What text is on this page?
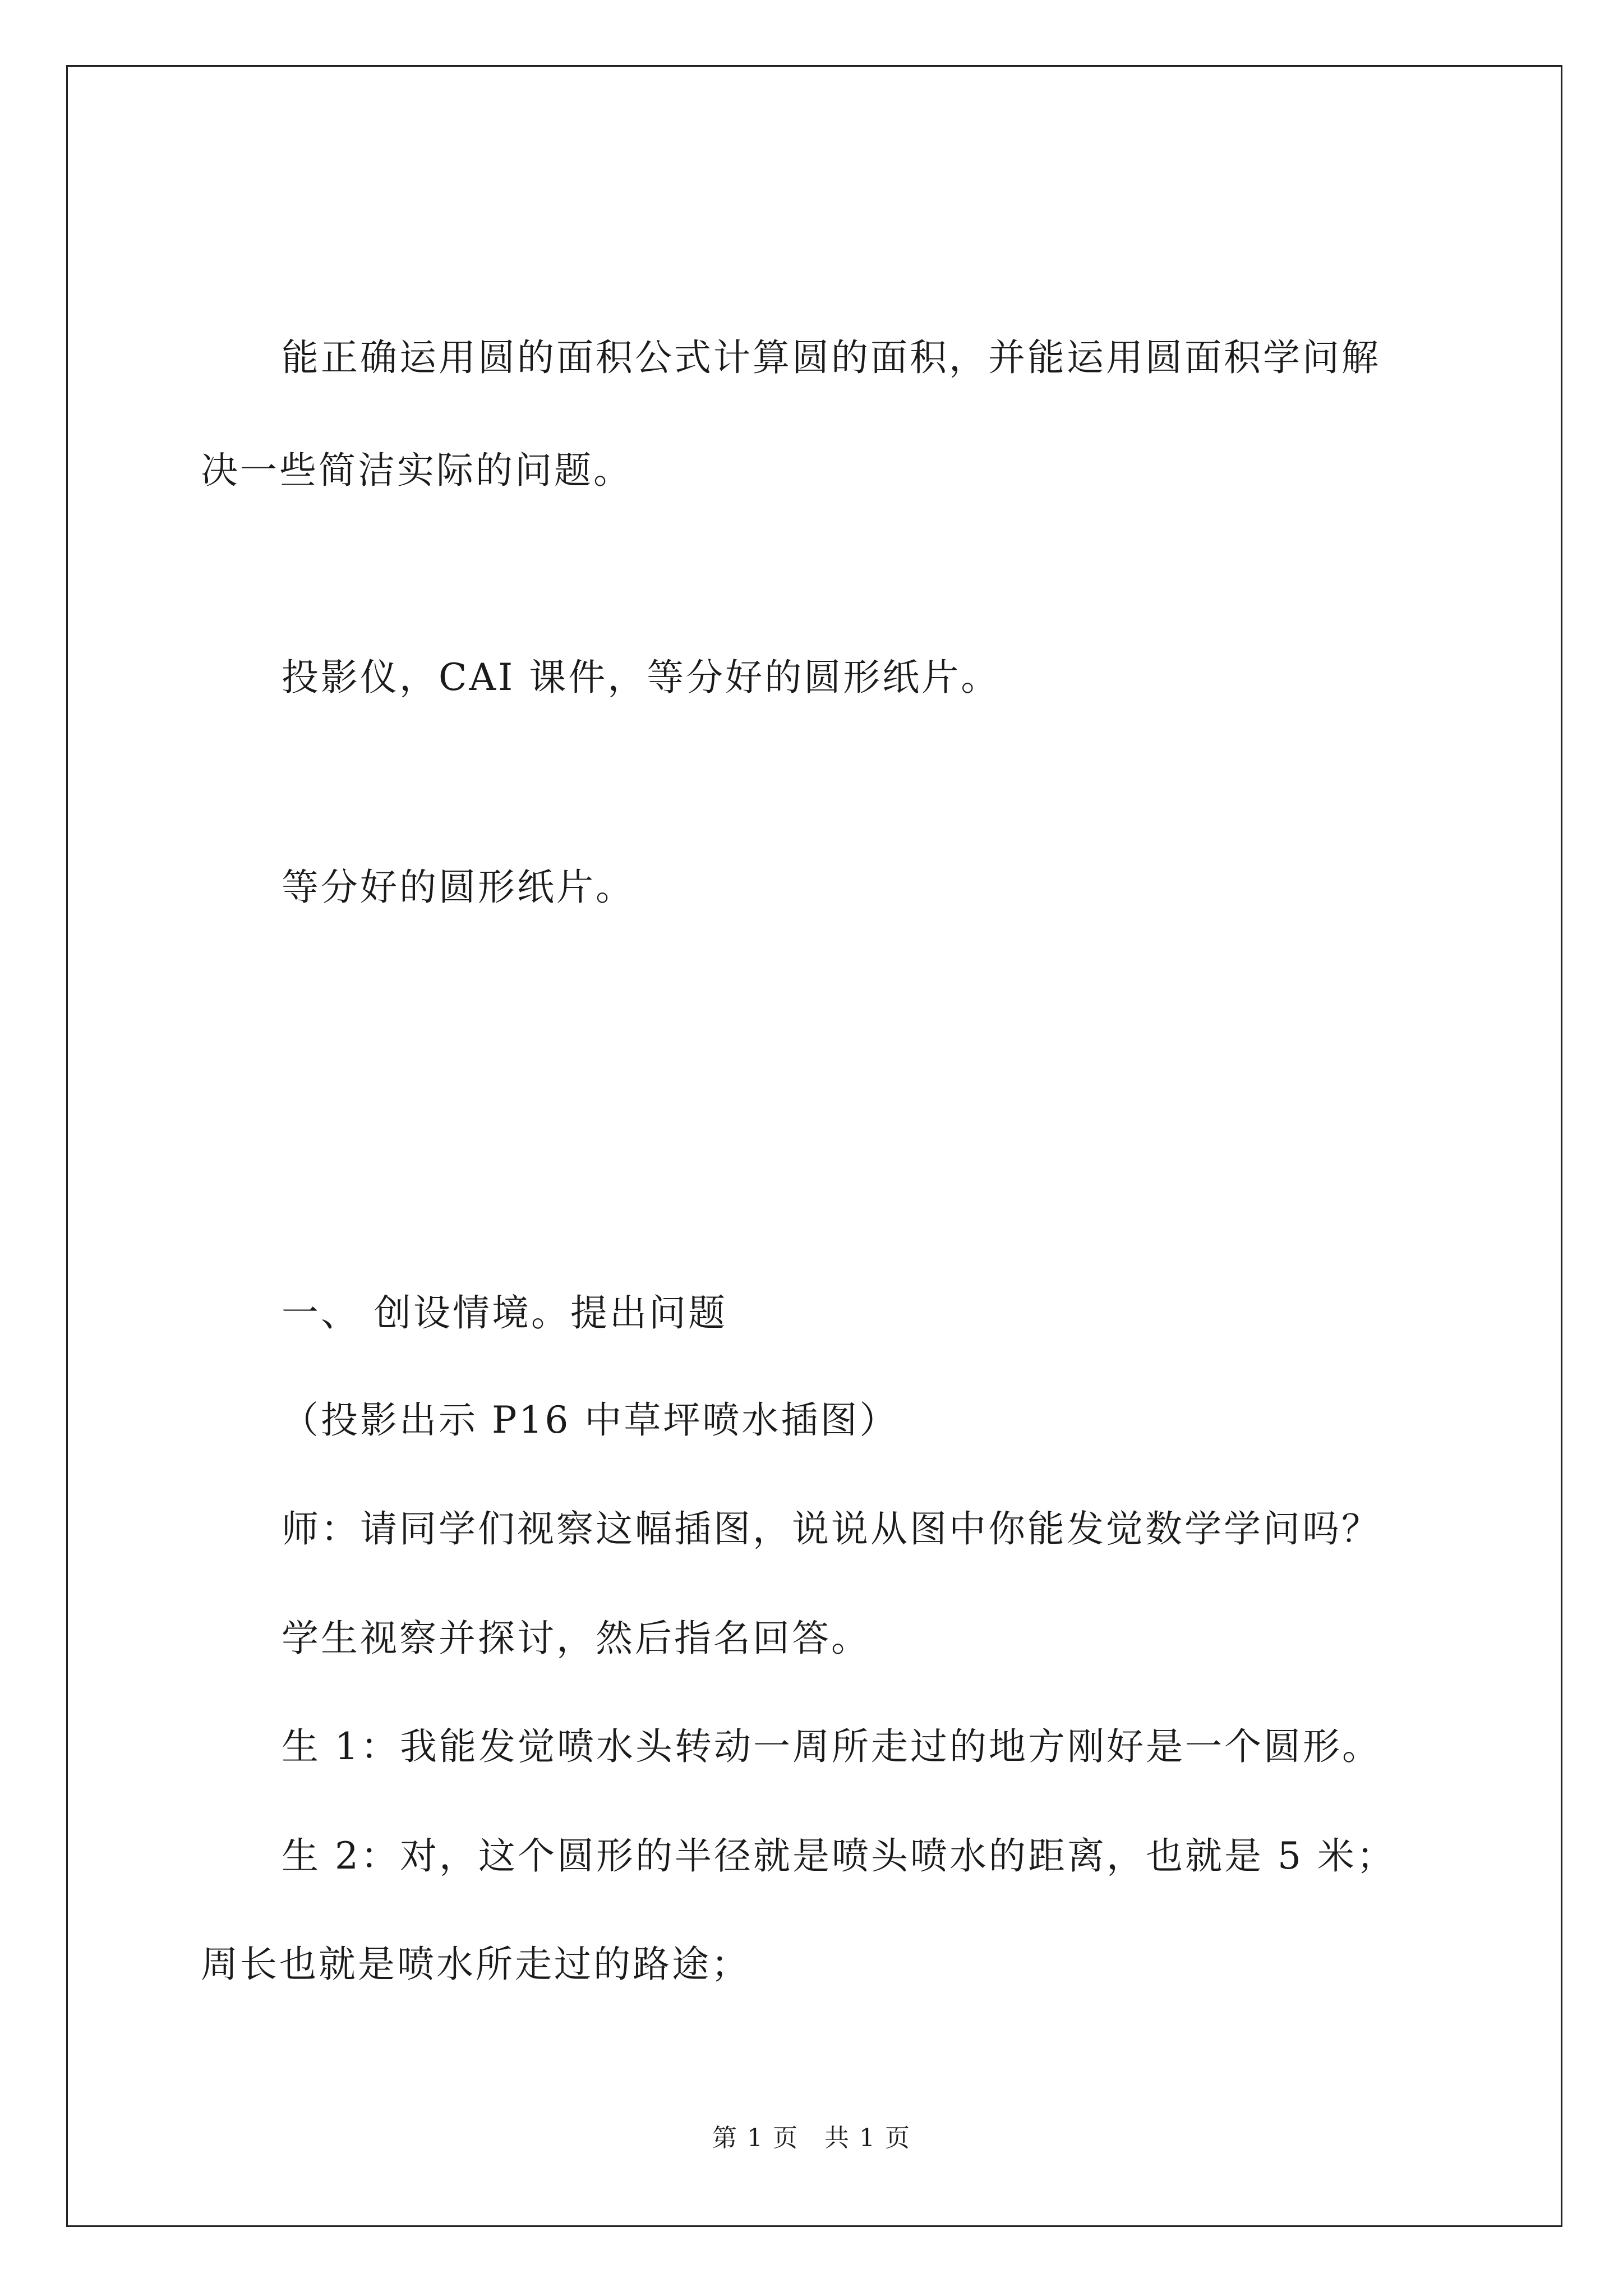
能正确运用圆的面积公式计算圆的面积，并能运用圆面积学问解
决一些简洁实际的问题。
投影仪，CAI 课件，等分好的圆形纸片。
等分好的圆形纸片。
一、 创设情境。提出问题
（投影出示 P16 中草坪喷水插图）
师：请同学们视察这幅插图，说说从图中你能发觉数学学问吗？
学生视察并探讨，然后指名回答。
生 1：我能发觉喷水头转动一周所走过的地方刚好是一个圆形。
生 2：对，这个圆形的半径就是喷头喷水的距离，也就是 5 米；
周长也就是喷水所走过的路途；
第 1 页　共 1 页
